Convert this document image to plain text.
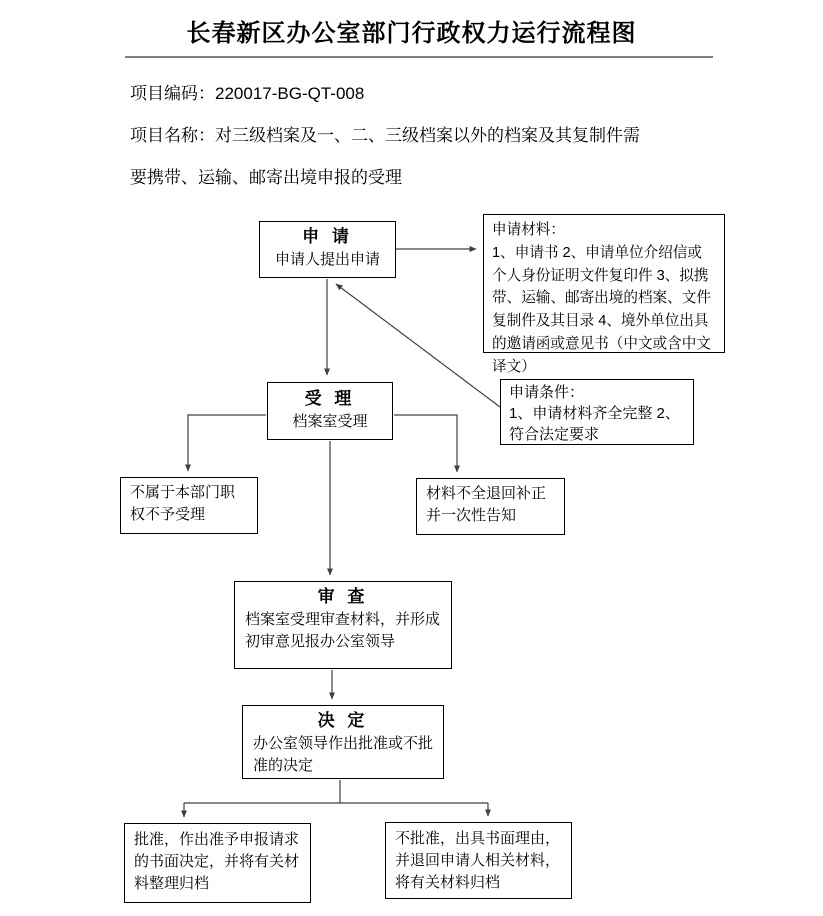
长春新区办公室部门行政权力运行流程图
项目编码：220017-BG-QT-008
项目名称：对三级档案及一、二、三级档案以外的档案及其复制件需
要携带、运输、邮寄出境申报的受理
申 请
申请人提出申请
申请材料：
1、申请书 2、申请单位介绍信或个人身份证明文件复印件 3、拟携带、运输、邮寄出境的档案、文件复制件及其目录 4、境外单位出具的邀请函或意见书（中文或含中文译文）
受 理
档案室受理
申请条件：
1、申请材料齐全完整 2、符合法定要求
不属于本部门职权不予受理
材料不全退回补正并一次性告知
审 查
档案室受理审查材料，并形成初审意见报办公室领导
决 定
办公室领导作出批准或不批准的决定
批准，作出准予申报请求的书面决定，并将有关材料整理归档
不批准，出具书面理由，并退回申请人相关材料，将有关材料归档
